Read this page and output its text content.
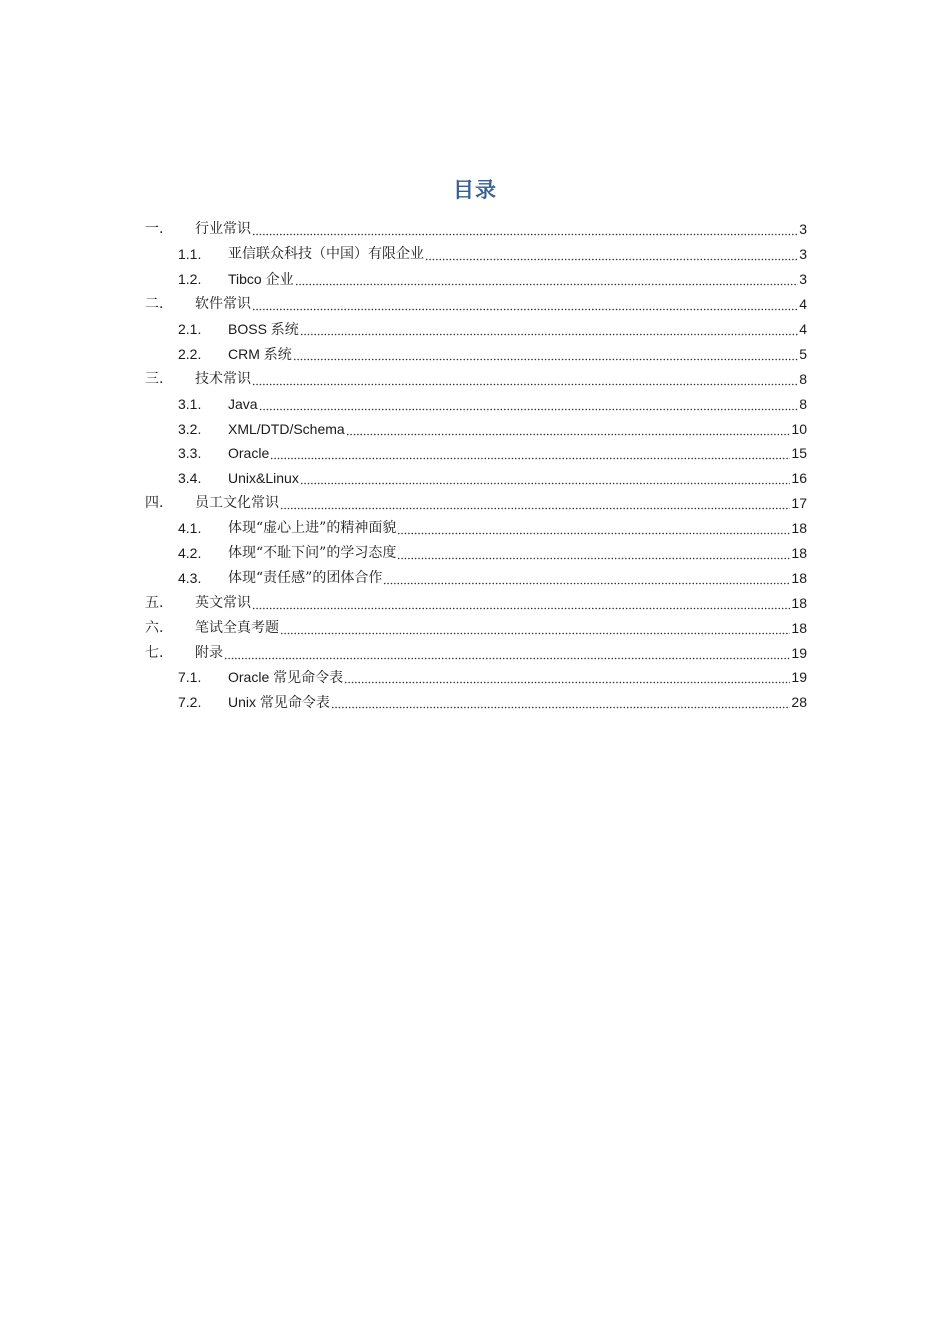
目录
一.	行业常识	3
1.1.	亚信联众科技（中国）有限企业	3
1.2.	Tibco 企业	3
二.	软件常识	4
2.1.	BOSS 系统	4
2.2.	CRM 系统	5
三.	技术常识	8
3.1.	Java	8
3.2.	XML/DTD/Schema	10
3.3.	Oracle	15
3.4.	Unix&Linux	16
四.	员工文化常识	17
4.1.	体现“虚心上进”的精神面貌	18
4.2.	体现“不耻下问”的学习态度	18
4.3.	体现“责任感”的团体合作	18
五.	英文常识	18
六.	笔试全真考题	18
七.	附录	19
7.1.	Oracle 常见命令表	19
7.2.	Unix 常见命令表	28
